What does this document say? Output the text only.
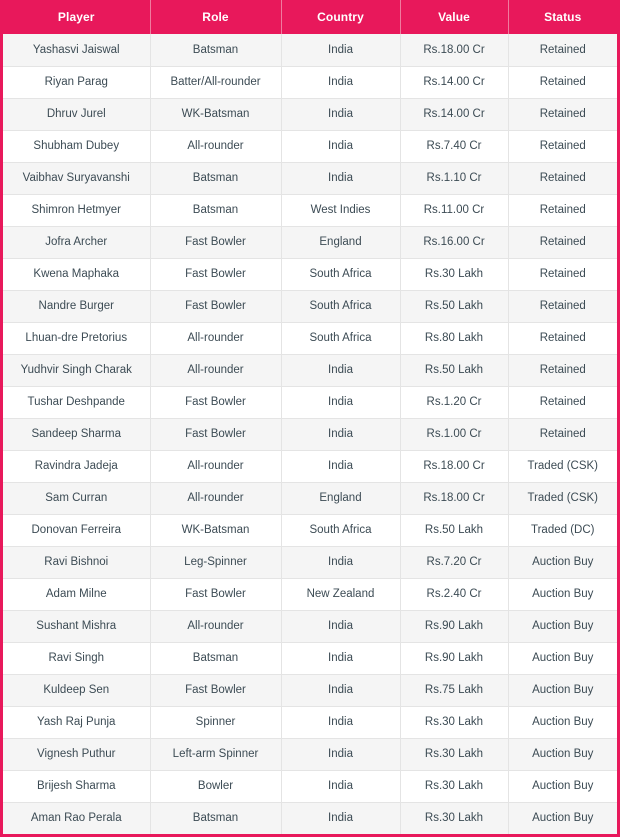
Player	Role	Country	Value	Status
Yashasvi Jaiswal	Batsman	India	Rs.18.00 Cr	Retained
Riyan Parag	Batter/All-rounder	India	Rs.14.00 Cr	Retained
Dhruv Jurel	WK-Batsman	India	Rs.14.00 Cr	Retained
Shubham Dubey	All-rounder	India	Rs.7.40 Cr	Retained
Vaibhav Suryavanshi	Batsman	India	Rs.1.10 Cr	Retained
Shimron Hetmyer	Batsman	West Indies	Rs.11.00 Cr	Retained
Jofra Archer	Fast Bowler	England	Rs.16.00 Cr	Retained
Kwena Maphaka	Fast Bowler	South Africa	Rs.30 Lakh	Retained
Nandre Burger	Fast Bowler	South Africa	Rs.50 Lakh	Retained
Lhuan-dre Pretorius	All-rounder	South Africa	Rs.80 Lakh	Retained
Yudhvir Singh Charak	All-rounder	India	Rs.50 Lakh	Retained
Tushar Deshpande	Fast Bowler	India	Rs.1.20 Cr	Retained
Sandeep Sharma	Fast Bowler	India	Rs.1.00 Cr	Retained
Ravindra Jadeja	All-rounder	India	Rs.18.00 Cr	Traded (CSK)
Sam Curran	All-rounder	England	Rs.18.00 Cr	Traded (CSK)
Donovan Ferreira	WK-Batsman	South Africa	Rs.50 Lakh	Traded (DC)
Ravi Bishnoi	Leg-Spinner	India	Rs.7.20 Cr	Auction Buy
Adam Milne	Fast Bowler	New Zealand	Rs.2.40 Cr	Auction Buy
Sushant Mishra	All-rounder	India	Rs.90 Lakh	Auction Buy
Ravi Singh	Batsman	India	Rs.90 Lakh	Auction Buy
Kuldeep Sen	Fast Bowler	India	Rs.75 Lakh	Auction Buy
Yash Raj Punja	Spinner	India	Rs.30 Lakh	Auction Buy
Vignesh Puthur	Left-arm Spinner	India	Rs.30 Lakh	Auction Buy
Brijesh Sharma	Bowler	India	Rs.30 Lakh	Auction Buy
Aman Rao Perala	Batsman	India	Rs.30 Lakh	Auction Buy
